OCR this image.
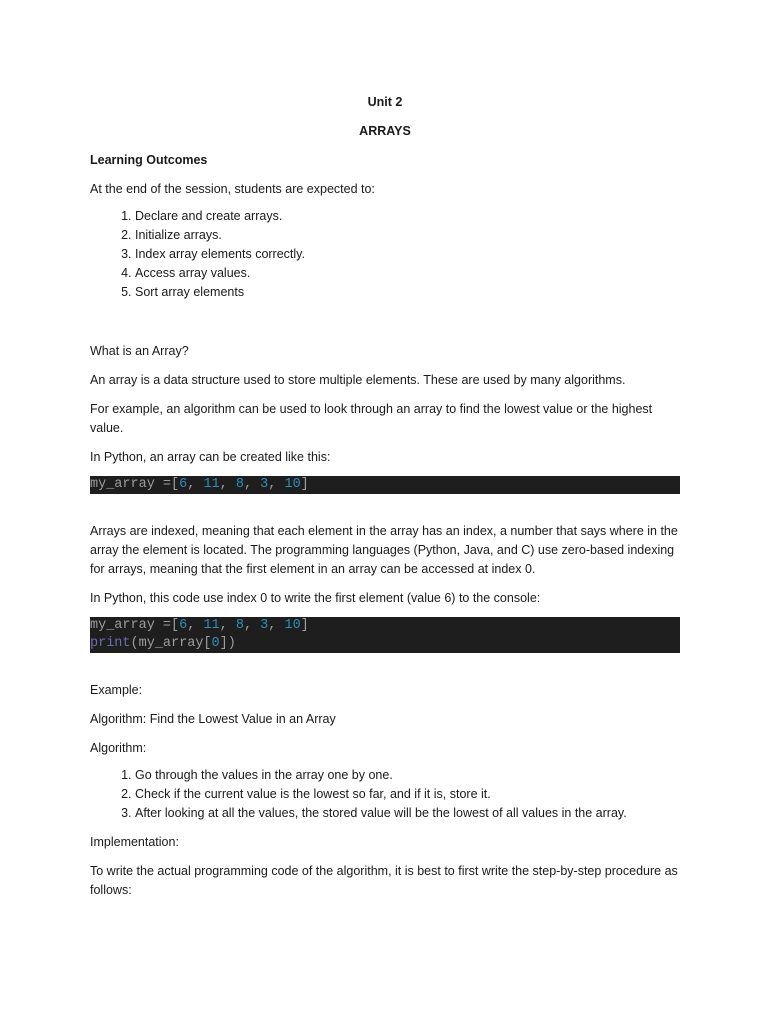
Unit 2
ARRAYS
Learning Outcomes

At the end of the session, students are expected to:

1. Declare and create arrays.
2. Initialize arrays.
3. Index array elements correctly.
4. Access array values.
5. Sort array elements

What is an Array?

An array is a data structure used to store multiple elements. These are used by many algorithms.

For example, an algorithm can be used to look through an array to find the lowest value or the highest value.

In Python, an array can be created like this:

my_array =[6, 11, 8, 3, 10]

Arrays are indexed, meaning that each element in the array has an index, a number that says where in the array the element is located. The programming languages (Python, Java, and C) use zero-based indexing for arrays, meaning that the first element in an array can be accessed at index 0.

In Python, this code use index 0 to write the first element (value 6) to the console:

my_array =[6, 11, 8, 3, 10]
print(my_array[0])

Example:

Algorithm: Find the Lowest Value in an Array

Algorithm:

1. Go through the values in the array one by one.
2. Check if the current value is the lowest so far, and if it is, store it.
3. After looking at all the values, the stored value will be the lowest of all values in the array.

Implementation:

To write the actual programming code of the algorithm, it is best to first write the step-by-step procedure as follows:
